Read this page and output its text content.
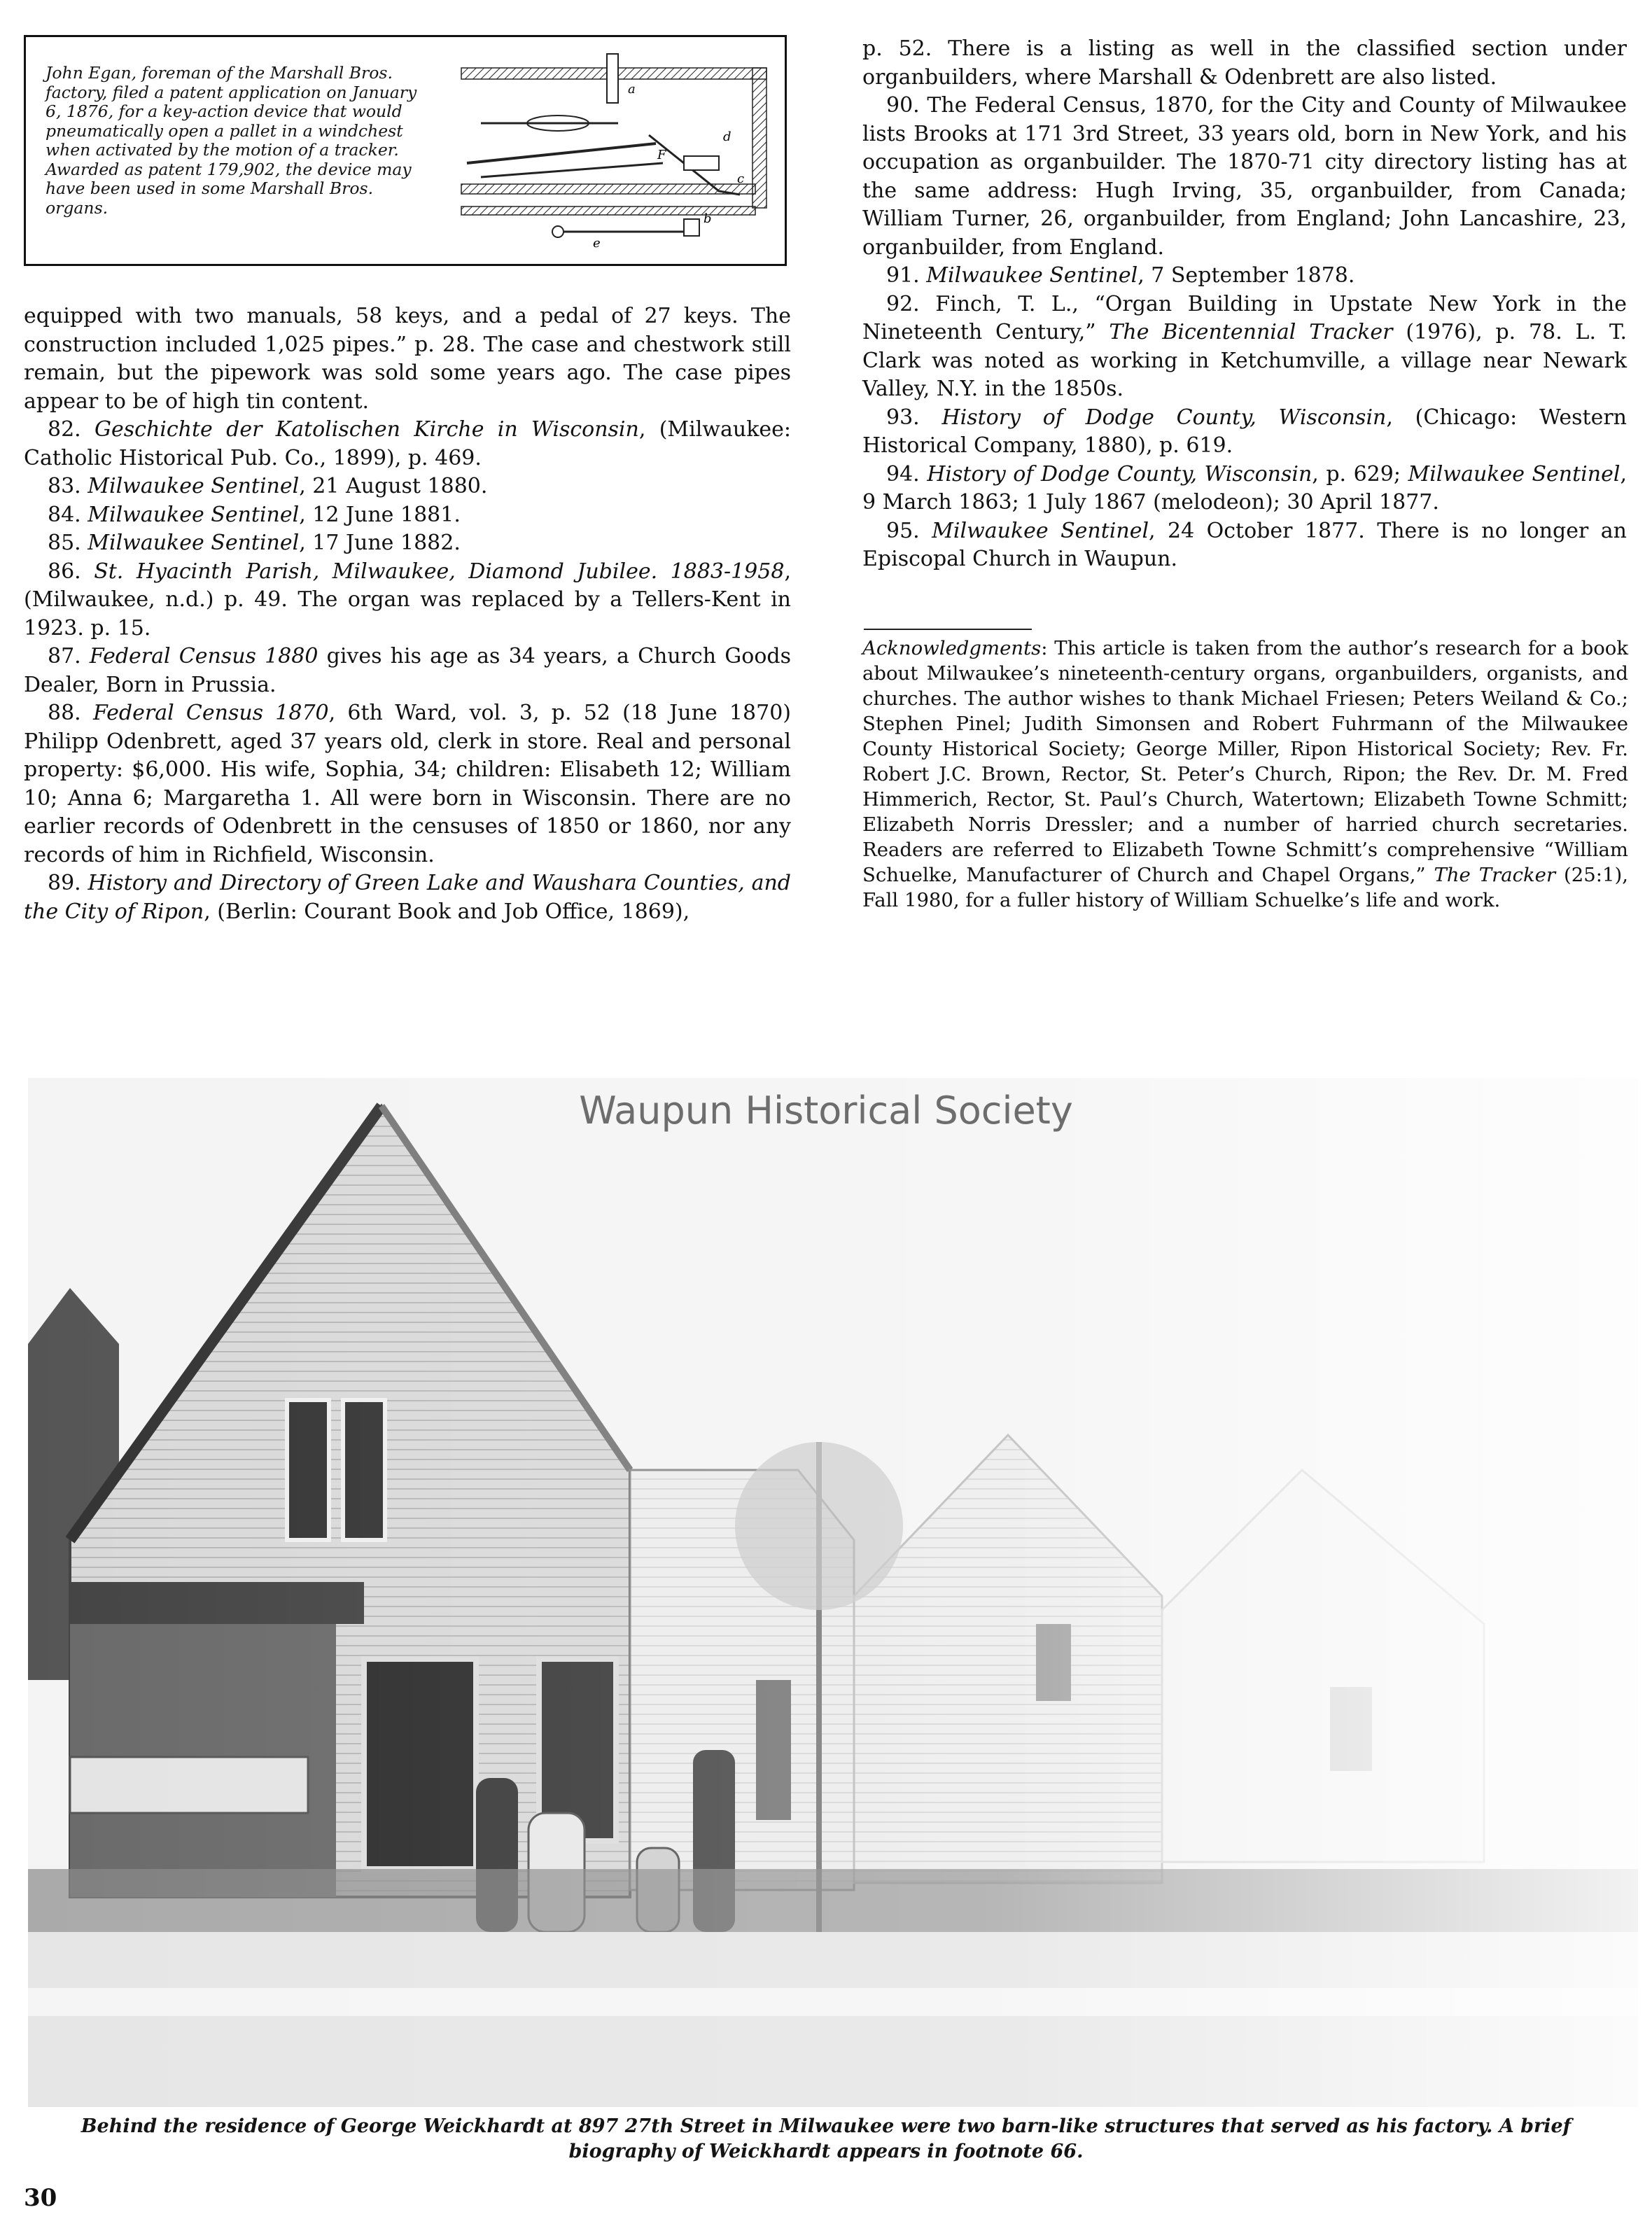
John Egan, foreman of the Marshall Bros. factory, filed a patent application on January 6, 1876, for a key-action device that would pneumatically open a pallet in a windchest when activated by the motion of a tracker. Awarded as patent 179,902, the device may have been used in some Marshall Bros. organs.
a
b
c
e
d
F

equipped with two manuals, 58 keys, and a pedal of 27 keys. The construction included 1,025 pipes.” p. 28. The case and chestwork still remain, but the pipework was sold some years ago. The case pipes appear to be of high tin content.

82. Geschichte der Katolischen Kirche in Wisconsin, (Milwaukee: Catholic Historical Pub. Co., 1899), p. 469.

83. Milwaukee Sentinel, 21 August 1880.

84. Milwaukee Sentinel, 12 June 1881.

85. Milwaukee Sentinel, 17 June 1882.

86. St. Hyacinth Parish, Milwaukee, Diamond Jubilee. 1883-1958, (Milwaukee, n.d.) p. 49. The organ was replaced by a Tellers-Kent in 1923. p. 15.

87. Federal Census 1880 gives his age as 34 years, a Church Goods Dealer, Born in Prussia.

88. Federal Census 1870, 6th Ward, vol. 3, p. 52 (18 June 1870) Philipp Odenbrett, aged 37 years old, clerk in store. Real and personal property: $6,000. His wife, Sophia, 34; children: Elisabeth 12; William 10; Anna 6; Margaretha 1. All were born in Wisconsin. There are no earlier records of Odenbrett in the censuses of 1850 or 1860, nor any records of him in Richfield, Wisconsin.

89. History and Directory of Green Lake and Waushara Counties, and the City of Ripon, (Berlin: Courant Book and Job Office, 1869),

p. 52. There is a listing as well in the classified section under organbuilders, where Marshall & Odenbrett are also listed.

90. The Federal Census, 1870, for the City and County of Milwaukee lists Brooks at 171 3rd Street, 33 years old, born in New York, and his occupation as organbuilder. The 1870-71 city directory listing has at the same address: Hugh Irving, 35, organbuilder, from Canada; William Turner, 26, organbuilder, from England; John Lancashire, 23, organbuilder, from England.

91. Milwaukee Sentinel, 7 September 1878.

92. Finch, T. L., “Organ Building in Upstate New York in the Nineteenth Century,” The Bicentennial Tracker (1976), p. 78. L. T. Clark was noted as working in Ketchumville, a village near Newark Valley, N.Y. in the 1850s.

93. History of Dodge County, Wisconsin, (Chicago: Western Historical Company, 1880), p. 619.

94. History of Dodge County, Wisconsin, p. 629; Milwaukee Sentinel, 9 March 1863; 1 July 1867 (melodeon); 30 April 1877.

95. Milwaukee Sentinel, 24 October 1877. There is no longer an Episcopal Church in Waupun.

Acknowledgments: This article is taken from the author’s research for a book about Milwaukee’s nineteenth-century organs, organbuilders, organists, and churches. The author wishes to thank Michael Friesen; Peters Weiland & Co.; Stephen Pinel; Judith Simonsen and Robert Fuhrmann of the Milwaukee County Historical Society; George Miller, Ripon Historical Society; Rev. Fr. Robert J.C. Brown, Rector, St. Peter’s Church, Ripon; the Rev. Dr. M. Fred Himmerich, Rector, St. Paul’s Church, Watertown; Elizabeth Towne Schmitt; Elizabeth Norris Dressler; and a number of harried church secretaries. Readers are referred to Elizabeth Towne Schmitt’s comprehensive “William Schuelke, Manufacturer of Church and Chapel Organs,” The Tracker (25:1), Fall 1980, for a fuller history of William Schuelke’s life and work.

Waupun Historical Society
Behind the residence of George Weickhardt at 897 27th Street in Milwaukee were two barn-like structures that served as his factory. A brief biography of Weickhardt appears in footnote 66.
30
